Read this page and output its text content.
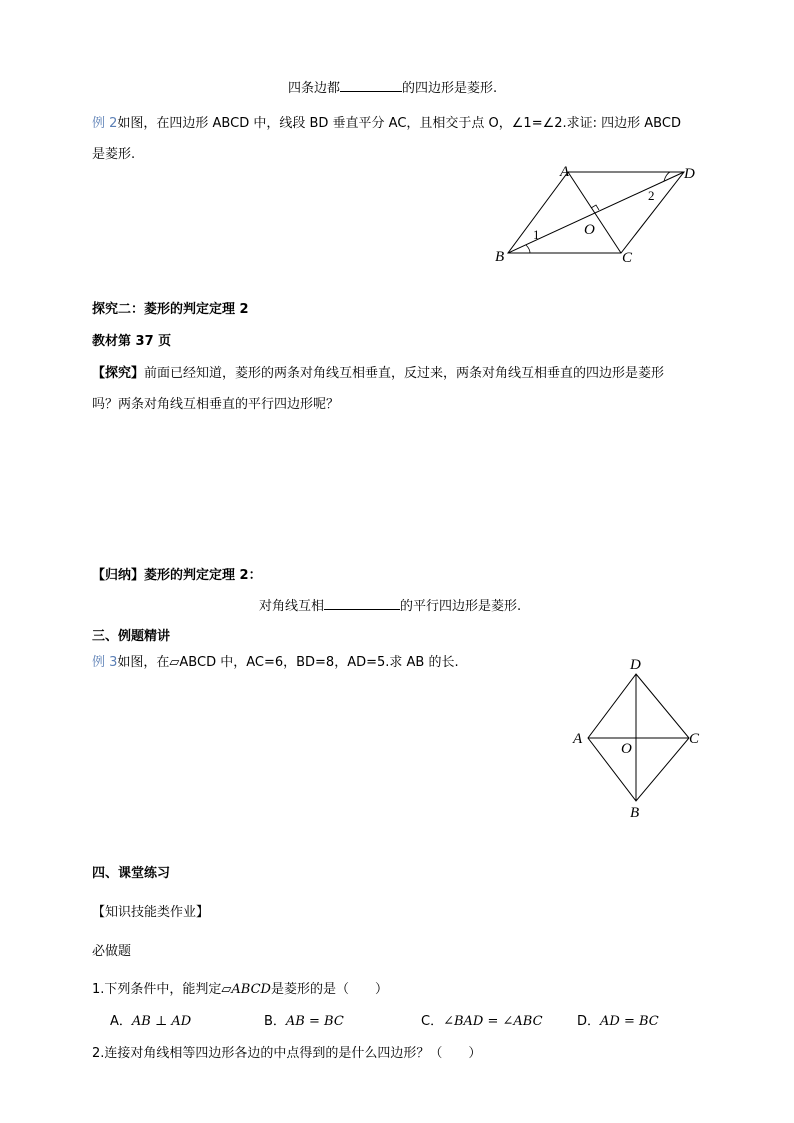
四条边都	的四边形是菱形.
例 2如图，在四边形 ABCD 中，线段 BD 垂直平分 AC，且相交于点 O，∠1=∠2.求证: 四边形 ABCD
是菱形.
A	D
B	C
O
1
2
探究二：菱形的判定定理 2
教材第 37 页
【探究】前面已经知道，菱形的两条对角线互相垂直，反过来，两条对角线互相垂直的四边形是菱形
吗？两条对角线互相垂直的平行四边形呢？
【归纳】菱形的判定定理 2：
对角线互相	的平行四边形是菱形.
三、例题精讲
例 3如图，在▱ABCD 中，AC=6，BD=8，AD=5.求 AB 的长.	D
A	C
B
O
四、课堂练习
【知识技能类作业】
必做题
1.下列条件中，能判定▱ABCD是菱形的是（　　）
A．AB ⊥ AD	B．AB = BC	C．∠BAD = ∠ABC	D．AD = BC
2.连接对角线相等四边形各边的中点得到的是什么四边形？（　　）
